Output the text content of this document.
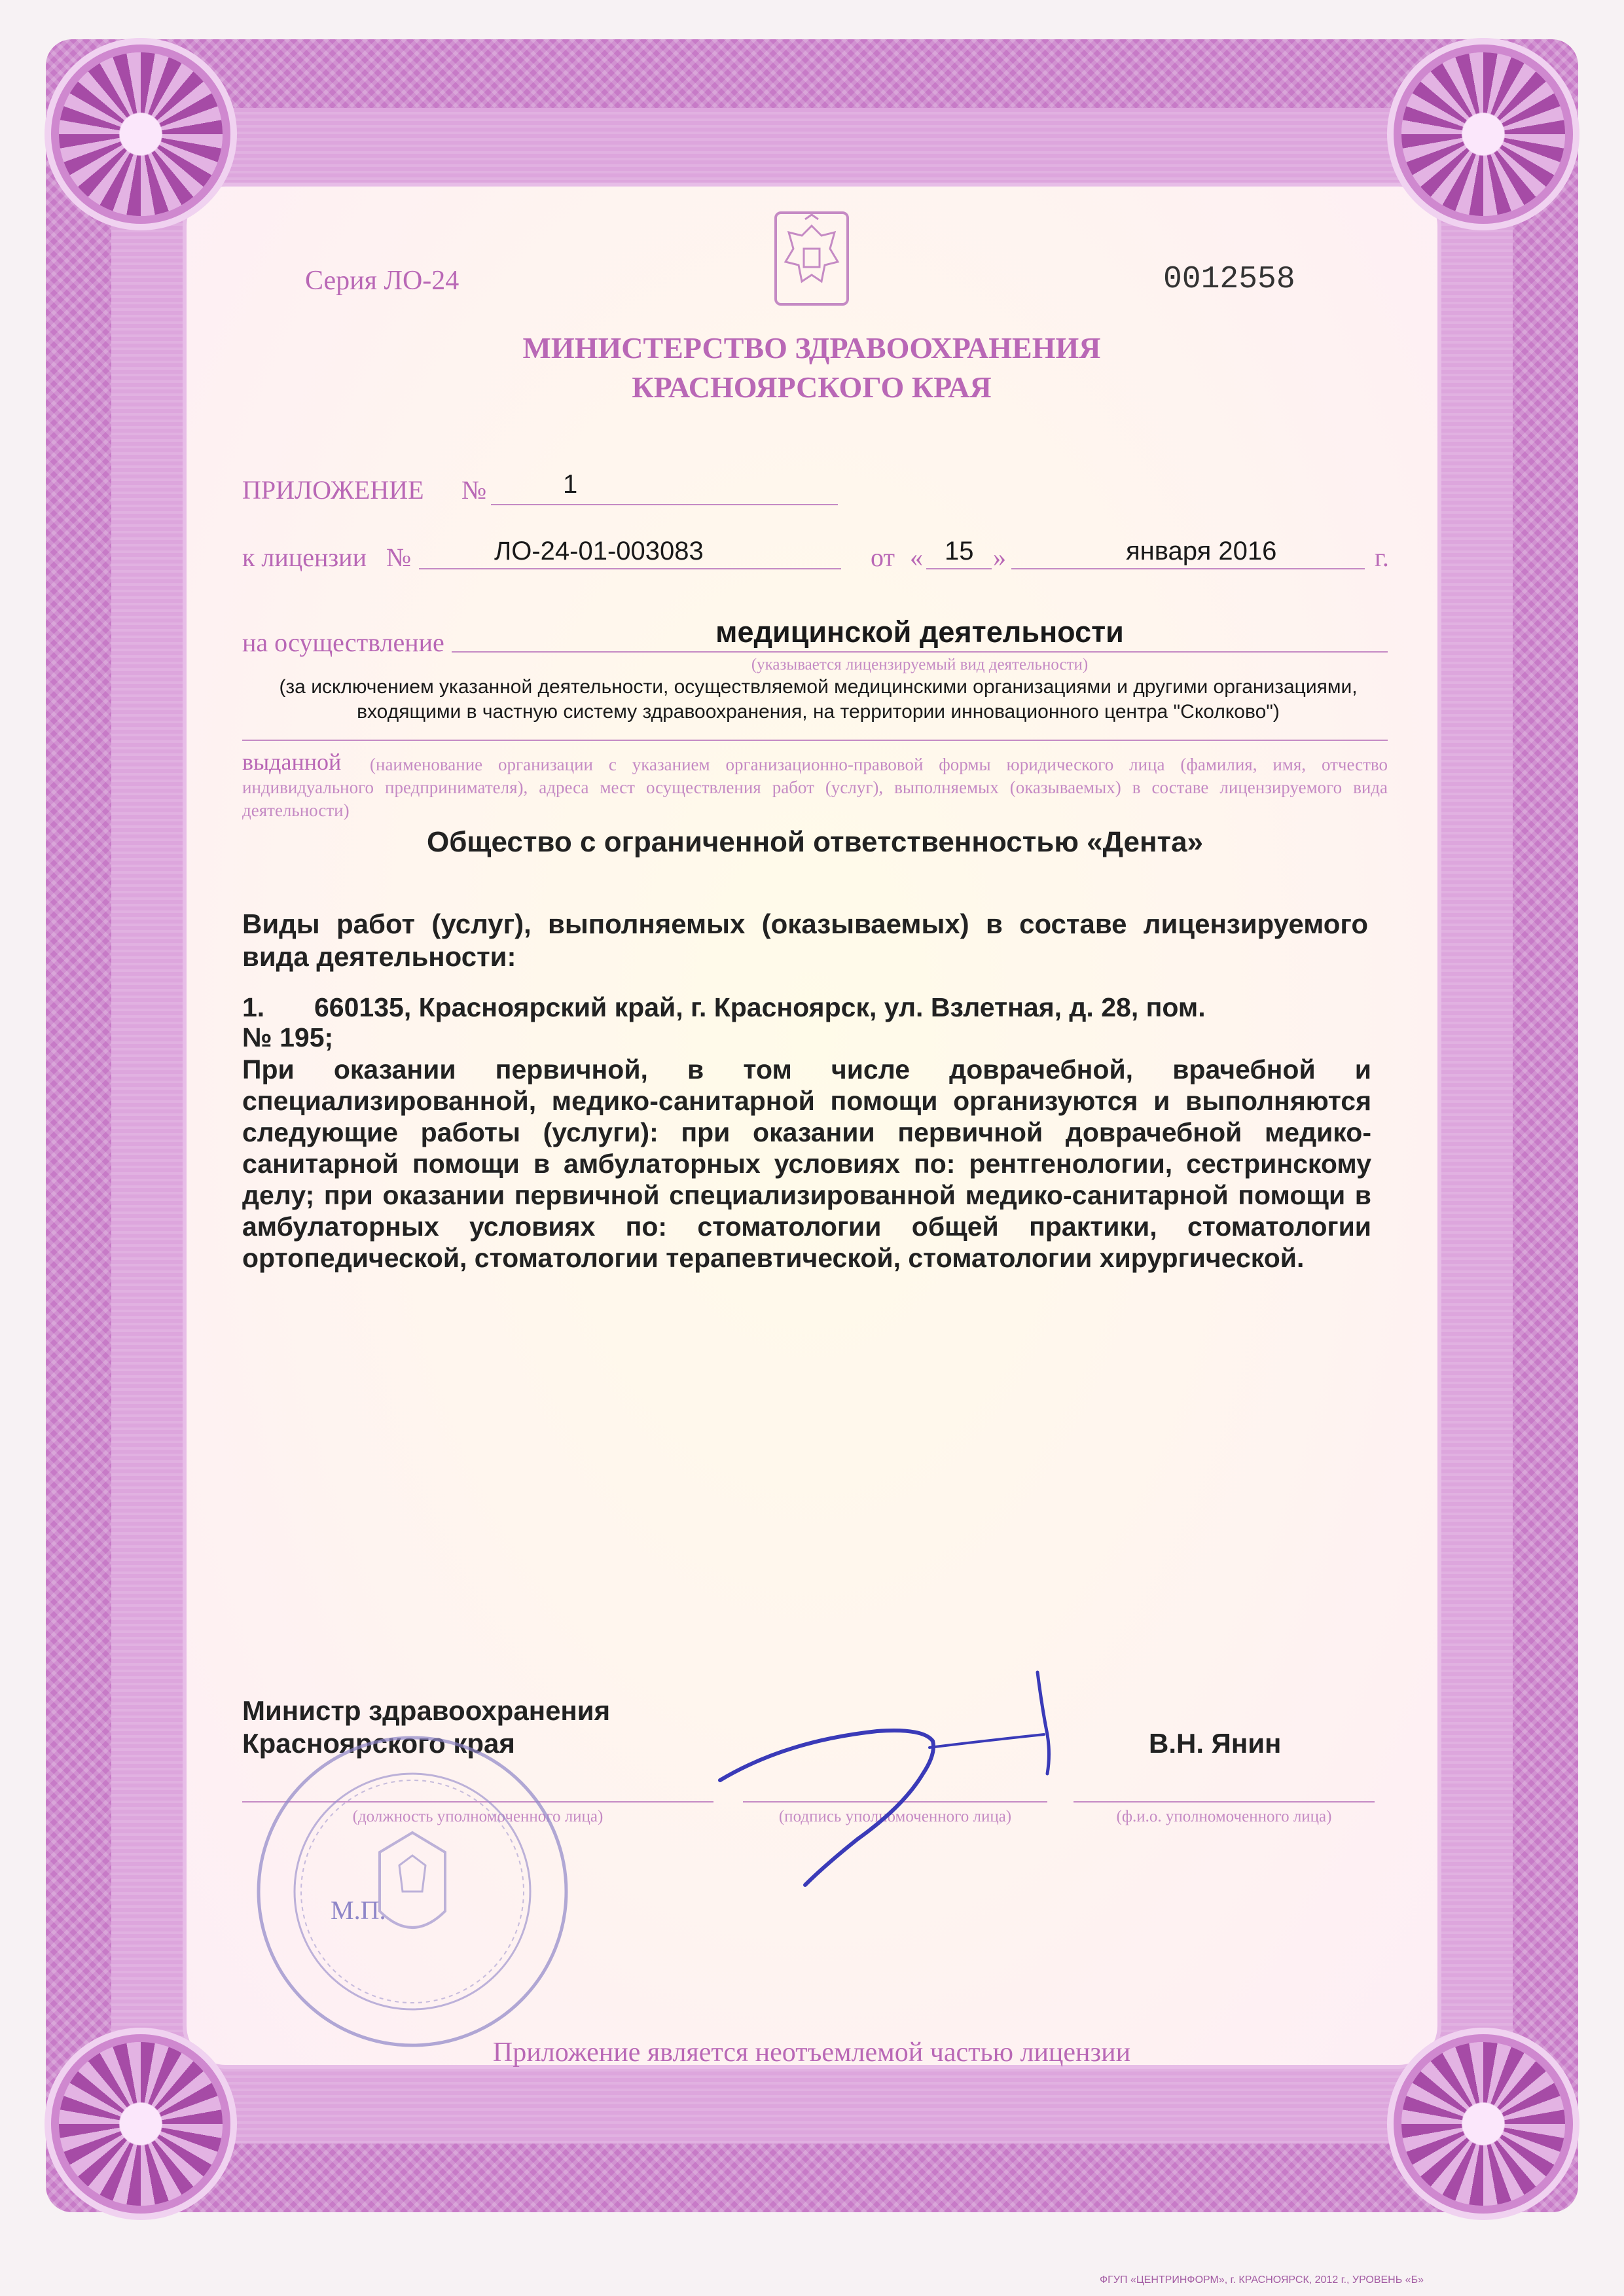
Серия ЛО-24	0012558
МИНИСТЕРСТВО ЗДРАВООХРАНЕНИЯ
КРАСНОЯРСКОГО КРАЯ
ПРИЛОЖЕНИЕ №	1
к лицензии №	ЛО-24-01-003083	от « 15 »	января 2016	г.
на осуществление	медицинской деятельности
(указывается лицензируемый вид деятельности)
(за исключением указанной деятельности, осуществляемой медицинскими организациями и другими организациями,
входящими в частную систему здравоохранения, на территории инновационного центра "Сколково")
выданной (наименование организации с указанием организационно-правовой формы юридического лица (фамилия, имя, отчество
индивидуального предпринимателя), адреса мест осуществления работ (услуг), выполняемых (оказываемых) в составе лицензируемого вида
деятельности)
Общество с ограниченной ответственностью «Дента»
Виды работ (услуг), выполняемых (оказываемых) в составе лицензируемого
вида деятельности:
1. 660135, Красноярский край, г. Красноярск, ул. Взлетная, д. 28, пом.
№ 195;
При оказании первичной, в том числе доврачебной, врачебной и
специализированной, медико-санитарной помощи организуются и выполняются
следующие работы (услуги): при оказании первичной доврачебной медико-
санитарной помощи в амбулаторных условиях по: рентгенологии, сестринскому
делу; при оказании первичной специализированной медико-санитарной помощи в
амбулаторных условиях по: стоматологии общей практики, стоматологии
ортопедической, стоматологии терапевтической, стоматологии хирургической.
Министр здравоохранения
Красноярского края	В.Н. Янин
(должность уполномоченного лица)	(подпись уполномоченного лица)	(ф.и.о. уполномоченного лица)
М.П.
Приложение является неотъемлемой частью лицензии
ФГУП «ЦЕНТРИНФОРМ», г. КРАСНОЯРСК, 2012 г., УРОВЕНЬ «Б»
